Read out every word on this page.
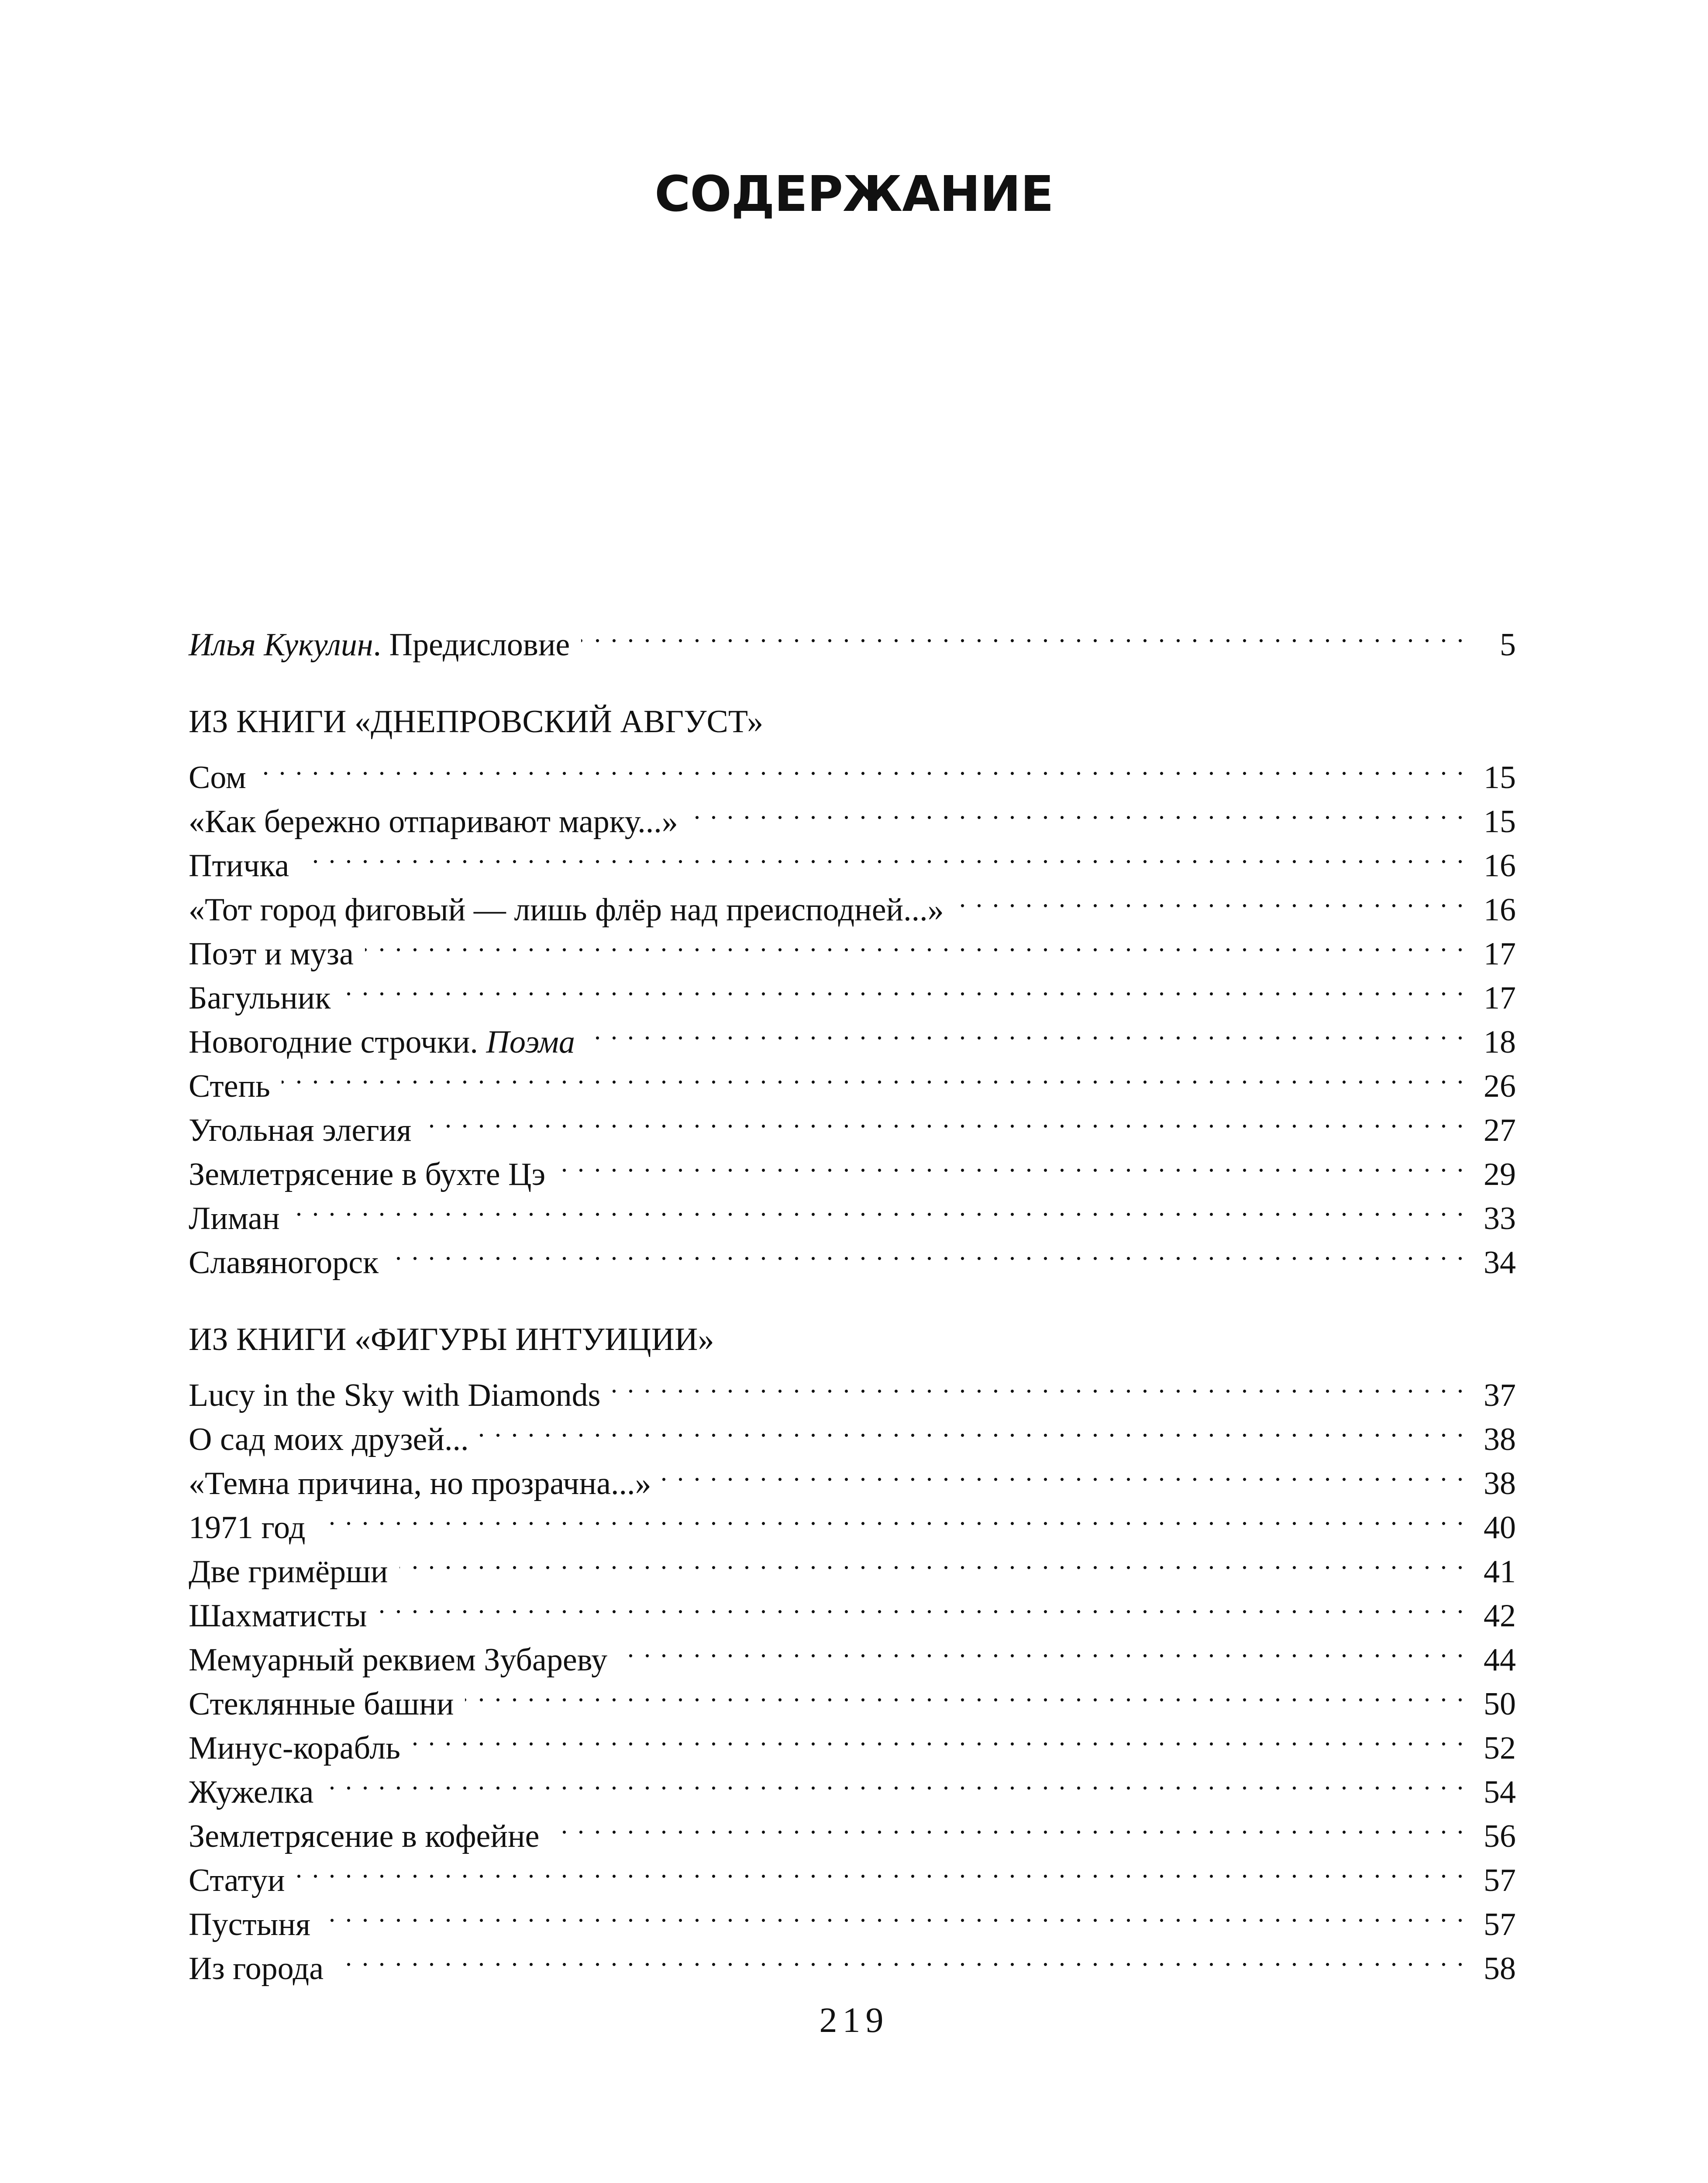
СОДЕРЖАНИЕ
Илья Кукулин. Предисловие . . .	5
ИЗ КНИГИ «ДНЕПРОВСКИЙ АВГУСТ»
Сом . . .	15
«Как бережно отпаривают марку...» . . .	15
Птичка . . .	16
«Тот город фиговый — лишь флёр над преисподней...» . . .	16
Поэт и муза . . .	17
Багульник . . .	17
Новогодние строчки. Поэма . . .	18
Степь . . .	26
Угольная элегия . . .	27
Землетрясение в бухте Цэ . . .	29
Лиман . . .	33
Славяногорск . . .	34
ИЗ КНИГИ «ФИГУРЫ ИНТУИЦИИ»
Lucy in the Sky with Diamonds . . .	37
О сад моих друзей... . . .	38
«Темна причина, но прозрачна...» . . .	38
1971 год . . .	40
Две гримёрши . . .	41
Шахматисты . . .	42
Мемуарный реквием Зубареву . . .	44
Стеклянные башни . . .	50
Минус-корабль . . .	52
Жужелка . . .	54
Землетрясение в кофейне . . .	56
Статуи . . .	57
Пустыня . . .	57
Из города . . .	58
219
